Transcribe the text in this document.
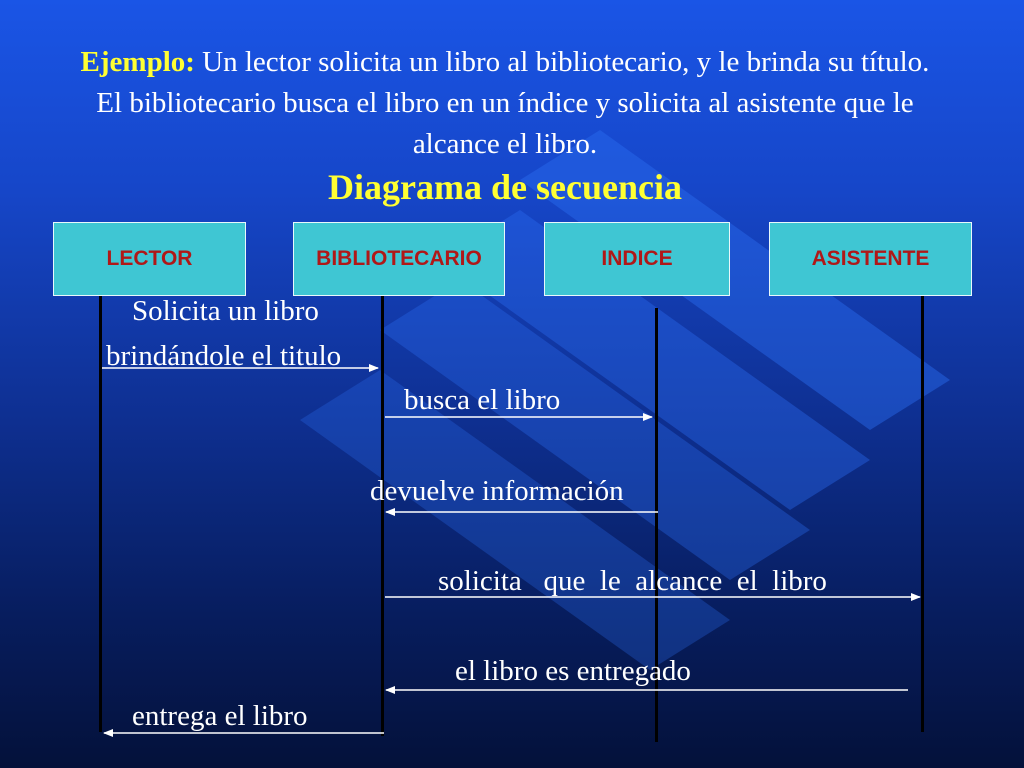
Ejemplo: Un lector solicita un libro al bibliotecario, y le brinda su título. El bibliotecario busca el libro en un índice y solicita al asistente que le alcance el libro.
Diagrama de secuencia
LECTOR	BIBLIOTECARIO	INDICE	ASISTENTE
Solicita un libro
brindándole el titulo
busca el libro
devuelve información
solicita   que  le  alcance  el  libro
el libro es entregado
entrega el libro
